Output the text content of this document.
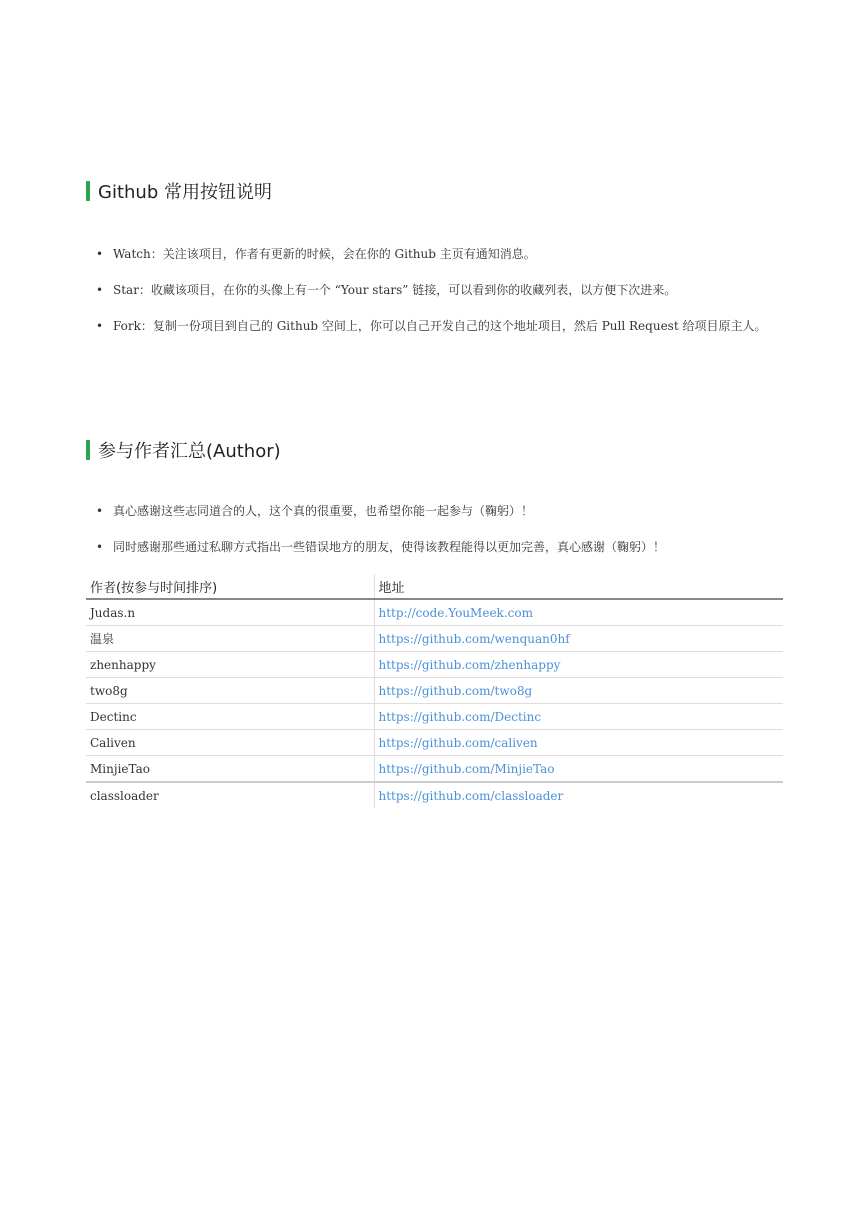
Github 常用按钮说明
• Watch：关注该项目，作者有更新的时候，会在你的 Github 主页有通知消息。
• Star：收藏该项目，在你的头像上有一个 “Your stars” 链接，可以看到你的收藏列表，以方便下次进来。
• Fork：复制一份项目到自己的 Github 空间上，你可以自己开发自己的这个地址项目，然后 Pull Request 给项目原主人。
参与作者汇总(Author)
• 真心感谢这些志同道合的人，这个真的很重要，也希望你能一起参与（鞠躬）！
• 同时感谢那些通过私聊方式指出一些错误地方的朋友，使得该教程能得以更加完善，真心感谢（鞠躬）！
作者(按参与时间排序)	地址
Judas.n	http://code.YouMeek.com
温泉	https://github.com/wenquan0hf
zhenhappy	https://github.com/zhenhappy
two8g	https://github.com/two8g
Dectinc	https://github.com/Dectinc
Caliven	https://github.com/caliven
MinjieTao	https://github.com/MinjieTao
classloader	https://github.com/classloader
